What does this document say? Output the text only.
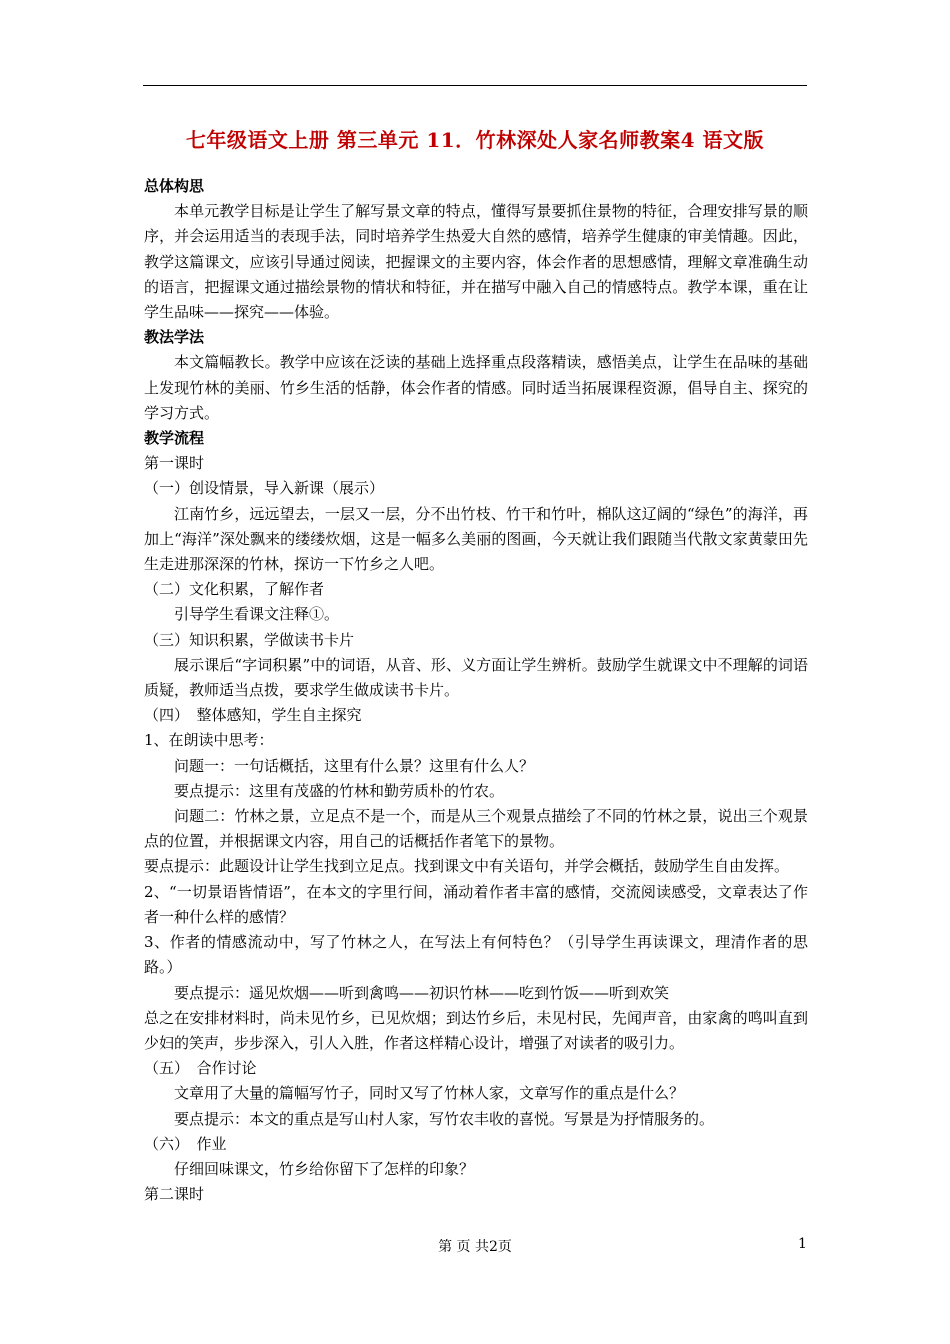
七年级语文上册 第三单元 11．竹林深处人家名师教案4 语文版

总体构思

本单元教学目标是让学生了解写景文章的特点，懂得写景要抓住景物的特征，合理安排写景的顺序，并会运用适当的表现手法，同时培养学生热爱大自然的感情，培养学生健康的审美情趣。因此，教学这篇课文，应该引导通过阅读，把握课文的主要内容，体会作者的思想感情，理解文章准确生动的语言，把握课文通过描绘景物的情状和特征，并在描写中融入自己的情感特点。教学本课，重在让学生品味——探究——体验。

教法学法

本文篇幅教长。教学中应该在泛读的基础上选择重点段落精读，感悟美点，让学生在品味的基础上发现竹林的美丽、竹乡生活的恬静，体会作者的情感。同时适当拓展课程资源，倡导自主、探究的学习方式。

教学流程

第一课时

（一）创设情景，导入新课（展示）

江南竹乡，远远望去，一层又一层，分不出竹枝、竹干和竹叶，棉队这辽阔的“绿色”的海洋，再加上“海洋”深处飘来的缕缕炊烟，这是一幅多么美丽的图画，今天就让我们跟随当代散文家黄蒙田先生走进那深深的竹林，探访一下竹乡之人吧。

（二）文化积累，了解作者

引导学生看课文注释①。

（三）知识积累，学做读书卡片

展示课后“字词积累”中的词语，从音、形、义方面让学生辨析。鼓励学生就课文中不理解的词语质疑，教师适当点拨，要求学生做成读书卡片。

（四）　整体感知，学生自主探究

1、在朗读中思考：

问题一：一句话概括，这里有什么景？这里有什么人？

要点提示：这里有茂盛的竹林和勤劳质朴的竹农。

问题二：竹林之景，立足点不是一个，而是从三个观景点描绘了不同的竹林之景，说出三个观景点的位置，并根据课文内容，用自己的话概括作者笔下的景物。

要点提示：此题设计让学生找到立足点。找到课文中有关语句，并学会概括，鼓励学生自由发挥。

2、“一切景语皆情语”，在本文的字里行间，涌动着作者丰富的感情，交流阅读感受，文章表达了作者一种什么样的感情？

3、作者的情感流动中，写了竹林之人，在写法上有何特色？（引导学生再读课文，理清作者的思路。）

要点提示：遥见炊烟——听到禽鸣——初识竹林——吃到竹饭——听到欢笑

总之在安排材料时，尚未见竹乡，已见炊烟；到达竹乡后，未见村民，先闻声音，由家禽的鸣叫直到少妇的笑声，步步深入，引人入胜，作者这样精心设计，增强了对读者的吸引力。

（五）　合作讨论

文章用了大量的篇幅写竹子，同时又写了竹林人家，文章写作的重点是什么？

要点提示：本文的重点是写山村人家，写竹农丰收的喜悦。写景是为抒情服务的。

（六）　作业

仔细回味课文，竹乡给你留下了怎样的印象？

第二课时

第 页 共2页	1
